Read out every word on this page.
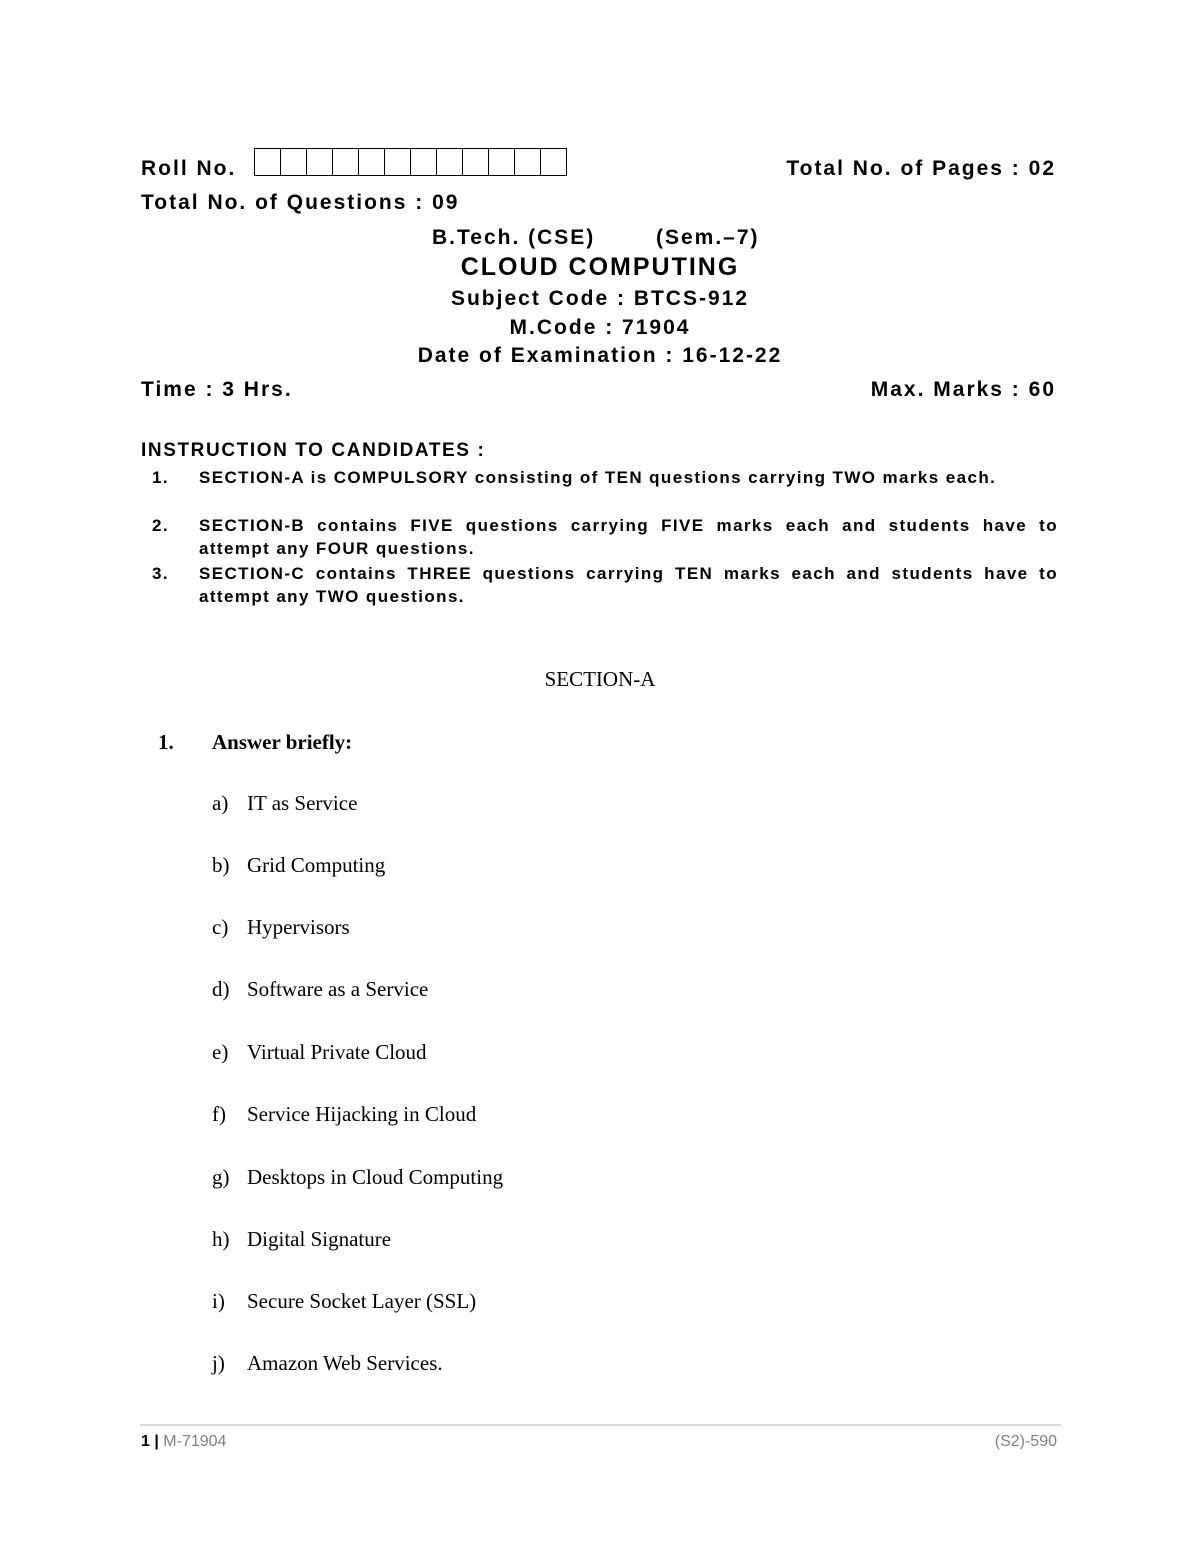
Roll No.	Total No. of Pages : 02
Total No. of Questions : 09
B.Tech. (CSE)	(Sem.–7)
CLOUD COMPUTING
Subject Code : BTCS-912
M.Code : 71904
Date of Examination : 16-12-22
Time : 3 Hrs.	Max. Marks : 60
INSTRUCTION TO CANDIDATES :
1. SECTION-A is COMPULSORY consisting of TEN questions carrying TWO marks each.
2. SECTION-B contains FIVE questions carrying FIVE marks each and students have to attempt any FOUR questions.
3. SECTION-C contains THREE questions carrying TEN marks each and students have to attempt any TWO questions.
SECTION-A
1. Answer briefly:
a) IT as Service
b) Grid Computing
c) Hypervisors
d) Software as a Service
e) Virtual Private Cloud
f) Service Hijacking in Cloud
g) Desktops in Cloud Computing
h) Digital Signature
i) Secure Socket Layer (SSL)
j) Amazon Web Services.
1 | M-71904	(S2)-590
